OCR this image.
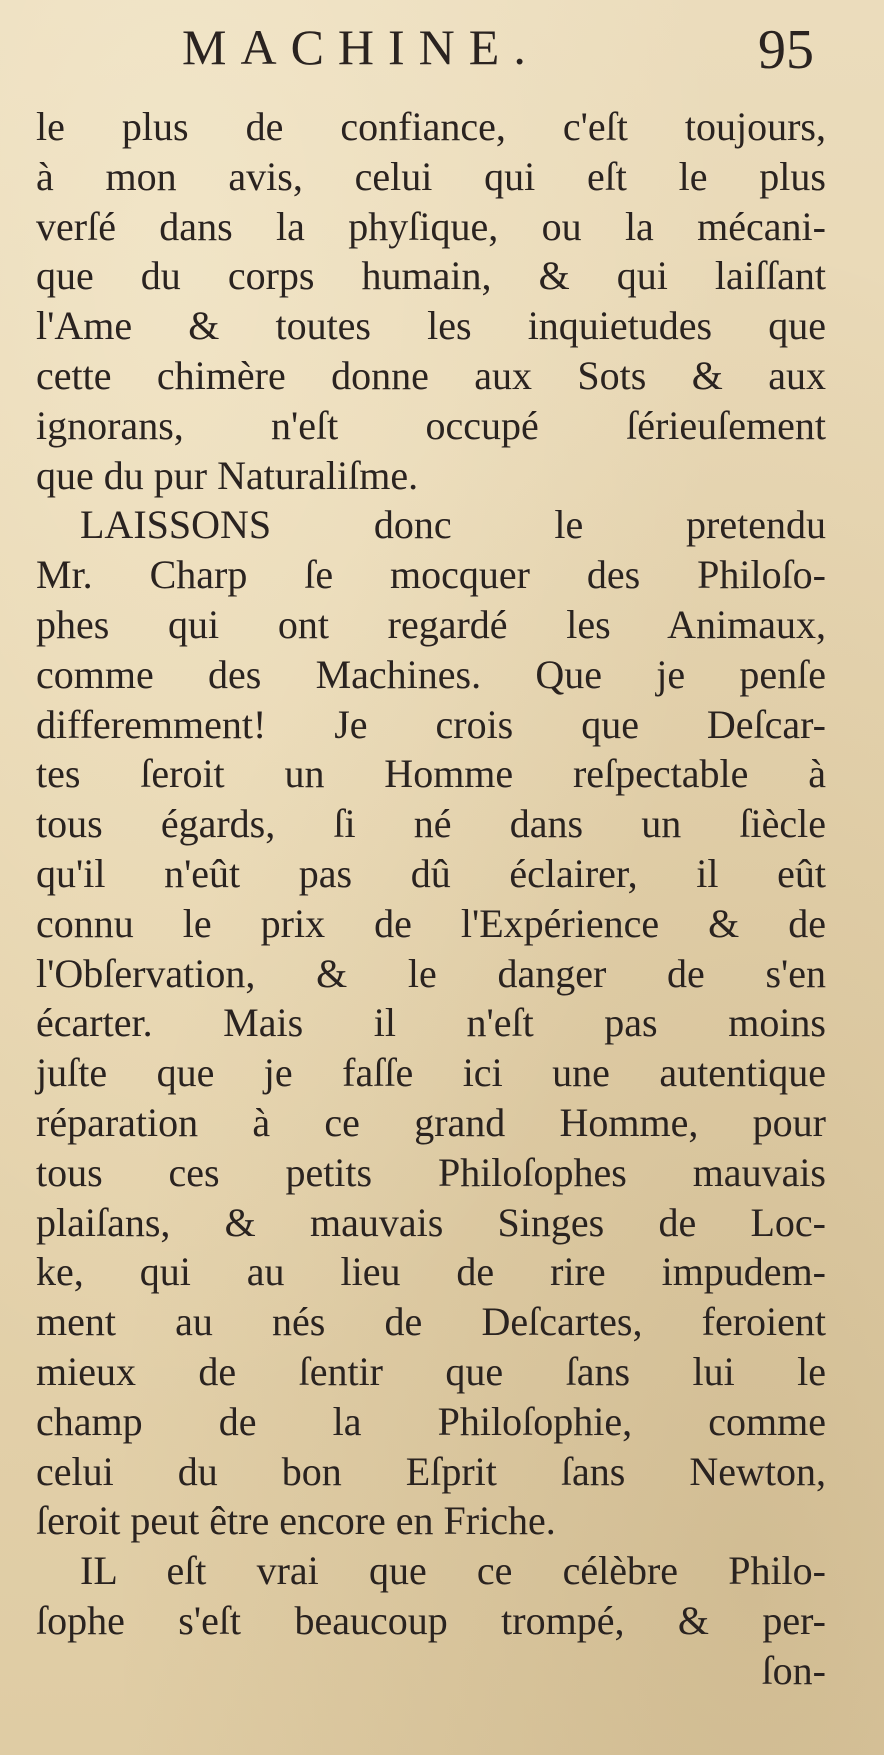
MACHINE.	95
le plus de confiance, c'eſt toujours,
à mon avis, celui qui eſt le plus
verſé dans la phyſique, ou la mécani-
que du corps humain, & qui laiſſant
l'Ame & toutes les inquietudes que
cette chimère donne aux Sots & aux
ignorans, n'eſt occupé ſérieuſement
que du pur Naturaliſme.
LAISSONS donc le pretendu
Mr. Charp ſe mocquer des Philoſo-
phes qui ont regardé les Animaux,
comme des Machines. Que je penſe
differemment! Je crois que Deſcar-
tes ſeroit un Homme reſpectable à
tous égards, ſi né dans un ſiècle
qu'il n'eût pas dû éclairer, il eût
connu le prix de l'Expérience & de
l'Obſervation, & le danger de s'en
écarter. Mais il n'eſt pas moins
juſte que je faſſe ici une autentique
réparation à ce grand Homme, pour
tous ces petits Philoſophes mauvais
plaiſans, & mauvais Singes de Loc-
ke, qui au lieu de rire impudem-
ment au nés de Deſcartes, feroient
mieux de ſentir que ſans lui le
champ de la Philoſophie, comme
celui du bon Eſprit ſans Newton,
ſeroit peut être encore en Friche.
IL eſt vrai que ce célèbre Philo-
ſophe s'eſt beaucoup trompé, & per-
ſon-
